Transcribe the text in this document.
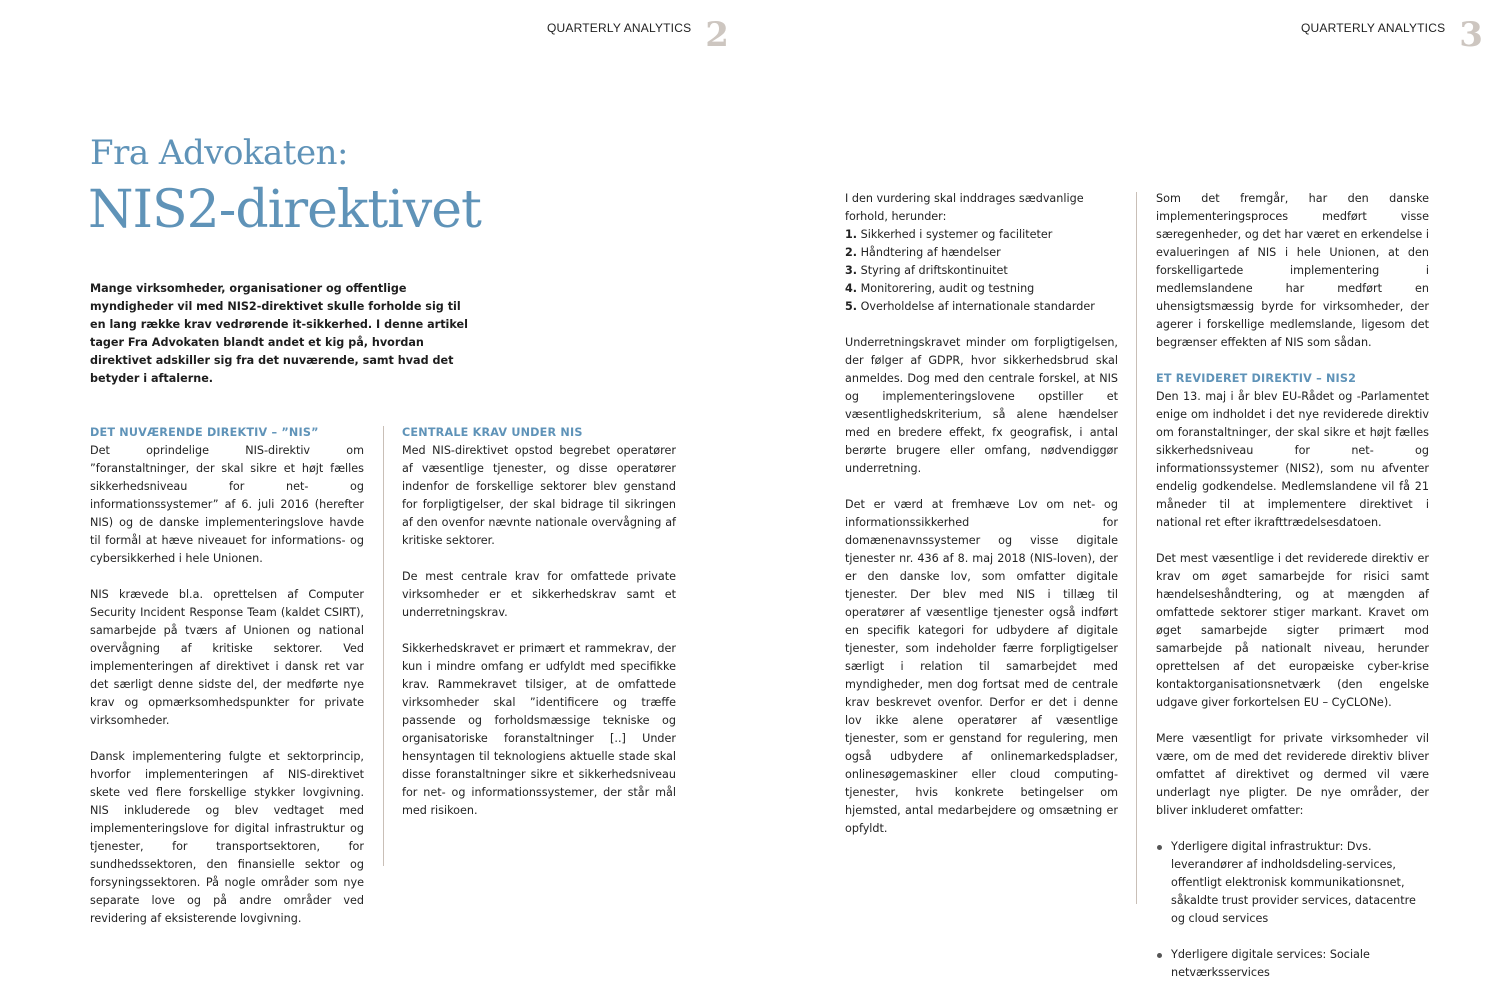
QUARTERLY ANALYTICS 2	QUARTERLY ANALYTICS 3
Fra Advokaten:
NIS2-direktivet
Mange virksomheder, organisationer og offentlige myndigheder vil med NIS2-direktivet skulle forholde sig til en lang række krav vedrørende it-sikkerhed. I denne artikel tager Fra Advokaten blandt andet et kig på, hvordan direktivet adskiller sig fra det nuværende, samt hvad det betyder i aftalerne.

DET NUVÆRENDE DIREKTIV – ”NIS”

Det oprindelige NIS-direktiv om ”foranstaltninger, der skal sikre et højt fælles sikkerhedsniveau for net- og informationssystemer” af 6. juli 2016 (herefter NIS) og de danske implementeringslove havde til formål at hæve niveauet for informations- og cybersikkerhed i hele Unionen.

NIS krævede bl.a. oprettelsen af Computer Security Incident Response Team (kaldet CSIRT), samarbejde på tværs af Unionen og national overvågning af kritiske sektorer. Ved implementeringen af direktivet i dansk ret var det særligt denne sidste del, der medførte nye krav og opmærksomhedspunkter for private virksomheder.

Dansk implementering fulgte et sektorprincip, hvorfor implementeringen af NIS-direktivet skete ved flere forskellige stykker lovgivning. NIS inkluderede og blev vedtaget med implementeringslove for digital infrastruktur og tjenester, for transportsektoren, for sundhedssektoren, den finansielle sektor og forsyningssektoren. På nogle områder som nye separate love og på andre områder ved revidering af eksisterende lovgivning.

CENTRALE KRAV UNDER NIS

Med NIS-direktivet opstod begrebet operatører af væsentlige tjenester, og disse operatører indenfor de forskellige sektorer blev genstand for forpligtigelser, der skal bidrage til sikringen af den ovenfor nævnte nationale overvågning af kritiske sektorer.

De mest centrale krav for omfattede private virksomheder er et sikkerhedskrav samt et underretningskrav.

Sikkerhedskravet er primært et rammekrav, der kun i mindre omfang er udfyldt med specifikke krav. Rammekravet tilsiger, at de omfattede virksomheder skal ”identificere og træffe passende og forholdsmæssige tekniske og organisatoriske foranstaltninger [..] Under hensyntagen til teknologiens aktuelle stade skal disse foranstaltninger sikre et sikkerhedsniveau for net- og informationssystemer, der står mål med risikoen.

I den vurdering skal inddrages sædvanlige forhold, herunder:

1. Sikkerhed i systemer og faciliteter
2. Håndtering af hændelser
3. Styring af driftskontinuitet
4. Monitorering, audit og testning
5. Overholdelse af internationale standarder

Underretningskravet minder om forpligtigelsen, der følger af GDPR, hvor sikkerhedsbrud skal anmeldes. Dog med den centrale forskel, at NIS og implementeringslovene opstiller et væsentlighedskriterium, så alene hændelser med en bredere effekt, fx geografisk, i antal berørte brugere eller omfang, nødvendiggør underretning.

Det er værd at fremhæve Lov om net- og informationssikkerhed for domænenavnssystemer og visse digitale tjenester nr. 436 af 8. maj 2018 (NIS-loven), der er den danske lov, som omfatter digitale tjenester. Der blev med NIS i tillæg til operatører af væsentlige tjenester også indført en specifik kategori for udbydere af digitale tjenester, som indeholder færre forpligtigelser særligt i relation til samarbejdet med myndigheder, men dog fortsat med de centrale krav beskrevet ovenfor. Derfor er det i denne lov ikke alene operatører af væsentlige tjenester, som er genstand for regulering, men også udbydere af onlinemarkedspladser, onlinesøgemaskiner eller cloud computing-tjenester, hvis konkrete betingelser om hjemsted, antal medarbejdere og omsætning er opfyldt.

Som det fremgår, har den danske implementeringsproces medført visse særegenheder, og det har været en erkendelse i evalueringen af NIS i hele Unionen, at den forskelligartede implementering i medlemslandene har medført en uhensigtsmæssig byrde for virksomheder, der agerer i forskellige medlemslande, ligesom det begrænser effekten af NIS som sådan.

ET REVIDERET DIREKTIV – NIS2

Den 13. maj i år blev EU-Rådet og -Parlamentet enige om indholdet i det nye reviderede direktiv om foranstaltninger, der skal sikre et højt fælles sikkerhedsniveau for net- og informationssystemer (NIS2), som nu afventer endelig godkendelse. Medlemslandene vil få 21 måneder til at implementere direktivet i national ret efter ikrafttrædelsesdatoen.

Det mest væsentlige i det reviderede direktiv er krav om øget samarbejde for risici samt hændelseshåndtering, og at mængden af omfattede sektorer stiger markant. Kravet om øget samarbejde sigter primært mod samarbejde på nationalt niveau, herunder oprettelsen af det europæiske cyber-krise kontaktorganisationsnetværk (den engelske udgave giver forkortelsen EU – CyCLONe).

Mere væsentligt for private virksomheder vil være, om de med det reviderede direktiv bliver omfattet af direktivet og dermed vil være underlagt nye pligter. De nye områder, der bliver inkluderet omfatter:

Yderligere digital infrastruktur: Dvs. leverandører af indholdsdeling-services, offentligt elektronisk kommunikationsnet, såkaldte trust provider services, datacentre og cloud services
Yderligere digitale services: Sociale netværksservices
